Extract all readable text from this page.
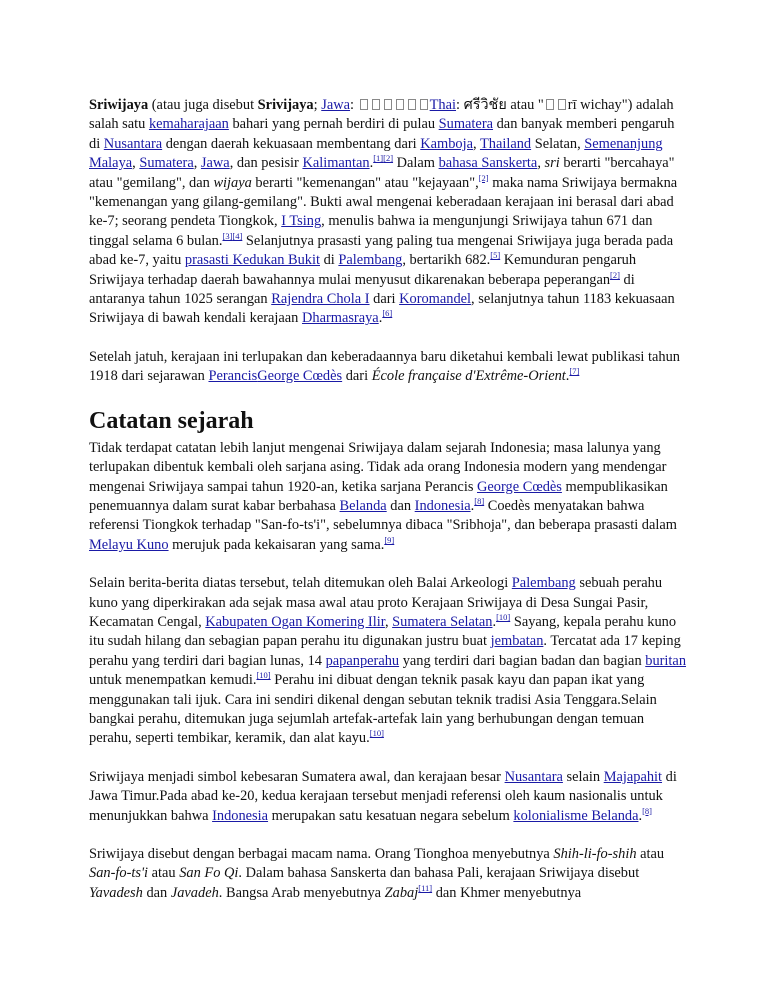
Sriwijaya (atau juga disebut Srivijaya; Jawa:	Thai: ศรีวิชัย atau " rī wichay") adalah salah satu kemaharajaan bahari yang pernah berdiri di pulau Sumatera dan banyak memberi pengaruh di Nusantara dengan daerah kekuasaan membentang dari Kamboja, Thailand Selatan, Semenanjung Malaya, Sumatera, Jawa, dan pesisir Kalimantan.[1][2] Dalam bahasa Sanskerta, sri berarti "bercahaya" atau "gemilang", dan wijaya berarti "kemenangan" atau "kejayaan",[2] maka nama Sriwijaya bermakna "kemenangan yang gilang-gemilang". Bukti awal mengenai keberadaan kerajaan ini berasal dari abad ke-7; seorang pendeta Tiongkok, I Tsing, menulis bahwa ia mengunjungi Sriwijaya tahun 671 dan tinggal selama 6 bulan.[3][4] Selanjutnya prasasti yang paling tua mengenai Sriwijaya juga berada pada abad ke-7, yaitu prasasti Kedukan Bukit di Palembang, bertarikh 682.[5] Kemunduran pengaruh Sriwijaya terhadap daerah bawahannya mulai menyusut dikarenakan beberapa peperangan[2] di antaranya tahun 1025 serangan Rajendra Chola I dari Koromandel, selanjutnya tahun 1183 kekuasaan Sriwijaya di bawah kendali kerajaan Dharmasraya.[6]

Setelah jatuh, kerajaan ini terlupakan dan keberadaannya baru diketahui kembali lewat publikasi tahun 1918 dari sejarawan PerancisGeorge Cœdès dari École française d'Extrême-Orient.[7]

Catatan sejarah

Tidak terdapat catatan lebih lanjut mengenai Sriwijaya dalam sejarah Indonesia; masa lalunya yang terlupakan dibentuk kembali oleh sarjana asing. Tidak ada orang Indonesia modern yang mendengar mengenai Sriwijaya sampai tahun 1920-an, ketika sarjana Perancis George Cœdès mempublikasikan penemuannya dalam surat kabar berbahasa Belanda dan Indonesia.[8] Coedès menyatakan bahwa referensi Tiongkok terhadap "San-fo-ts'i", sebelumnya dibaca "Sribhoja", dan beberapa prasasti dalam Melayu Kuno merujuk pada kekaisaran yang sama.[9]

Selain berita-berita diatas tersebut, telah ditemukan oleh Balai Arkeologi Palembang sebuah perahu kuno yang diperkirakan ada sejak masa awal atau proto Kerajaan Sriwijaya di Desa Sungai Pasir, Kecamatan Cengal, Kabupaten Ogan Komering Ilir, Sumatera Selatan.[10] Sayang, kepala perahu kuno itu sudah hilang dan sebagian papan perahu itu digunakan justru buat jembatan. Tercatat ada 17 keping perahu yang terdiri dari bagian lunas, 14 papanperahu yang terdiri dari bagian badan dan bagian buritan untuk menempatkan kemudi.[10] Perahu ini dibuat dengan teknik pasak kayu dan papan ikat yang menggunakan tali ijuk. Cara ini sendiri dikenal dengan sebutan teknik tradisi Asia Tenggara.Selain bangkai perahu, ditemukan juga sejumlah artefak-artefak lain yang berhubungan dengan temuan perahu, seperti tembikar, keramik, dan alat kayu.[10]

Sriwijaya menjadi simbol kebesaran Sumatera awal, dan kerajaan besar Nusantara selain Majapahit di Jawa Timur.Pada abad ke-20, kedua kerajaan tersebut menjadi referensi oleh kaum nasionalis untuk menunjukkan bahwa Indonesia merupakan satu kesatuan negara sebelum kolonialisme Belanda.[8]

Sriwijaya disebut dengan berbagai macam nama. Orang Tionghoa menyebutnya Shih-li-fo-shih atau San-fo-ts'i atau San Fo Qi. Dalam bahasa Sanskerta dan bahasa Pali, kerajaan Sriwijaya disebut Yavadesh dan Javadeh. Bangsa Arab menyebutnya Zabaj[11] dan Khmer menyebutnya
